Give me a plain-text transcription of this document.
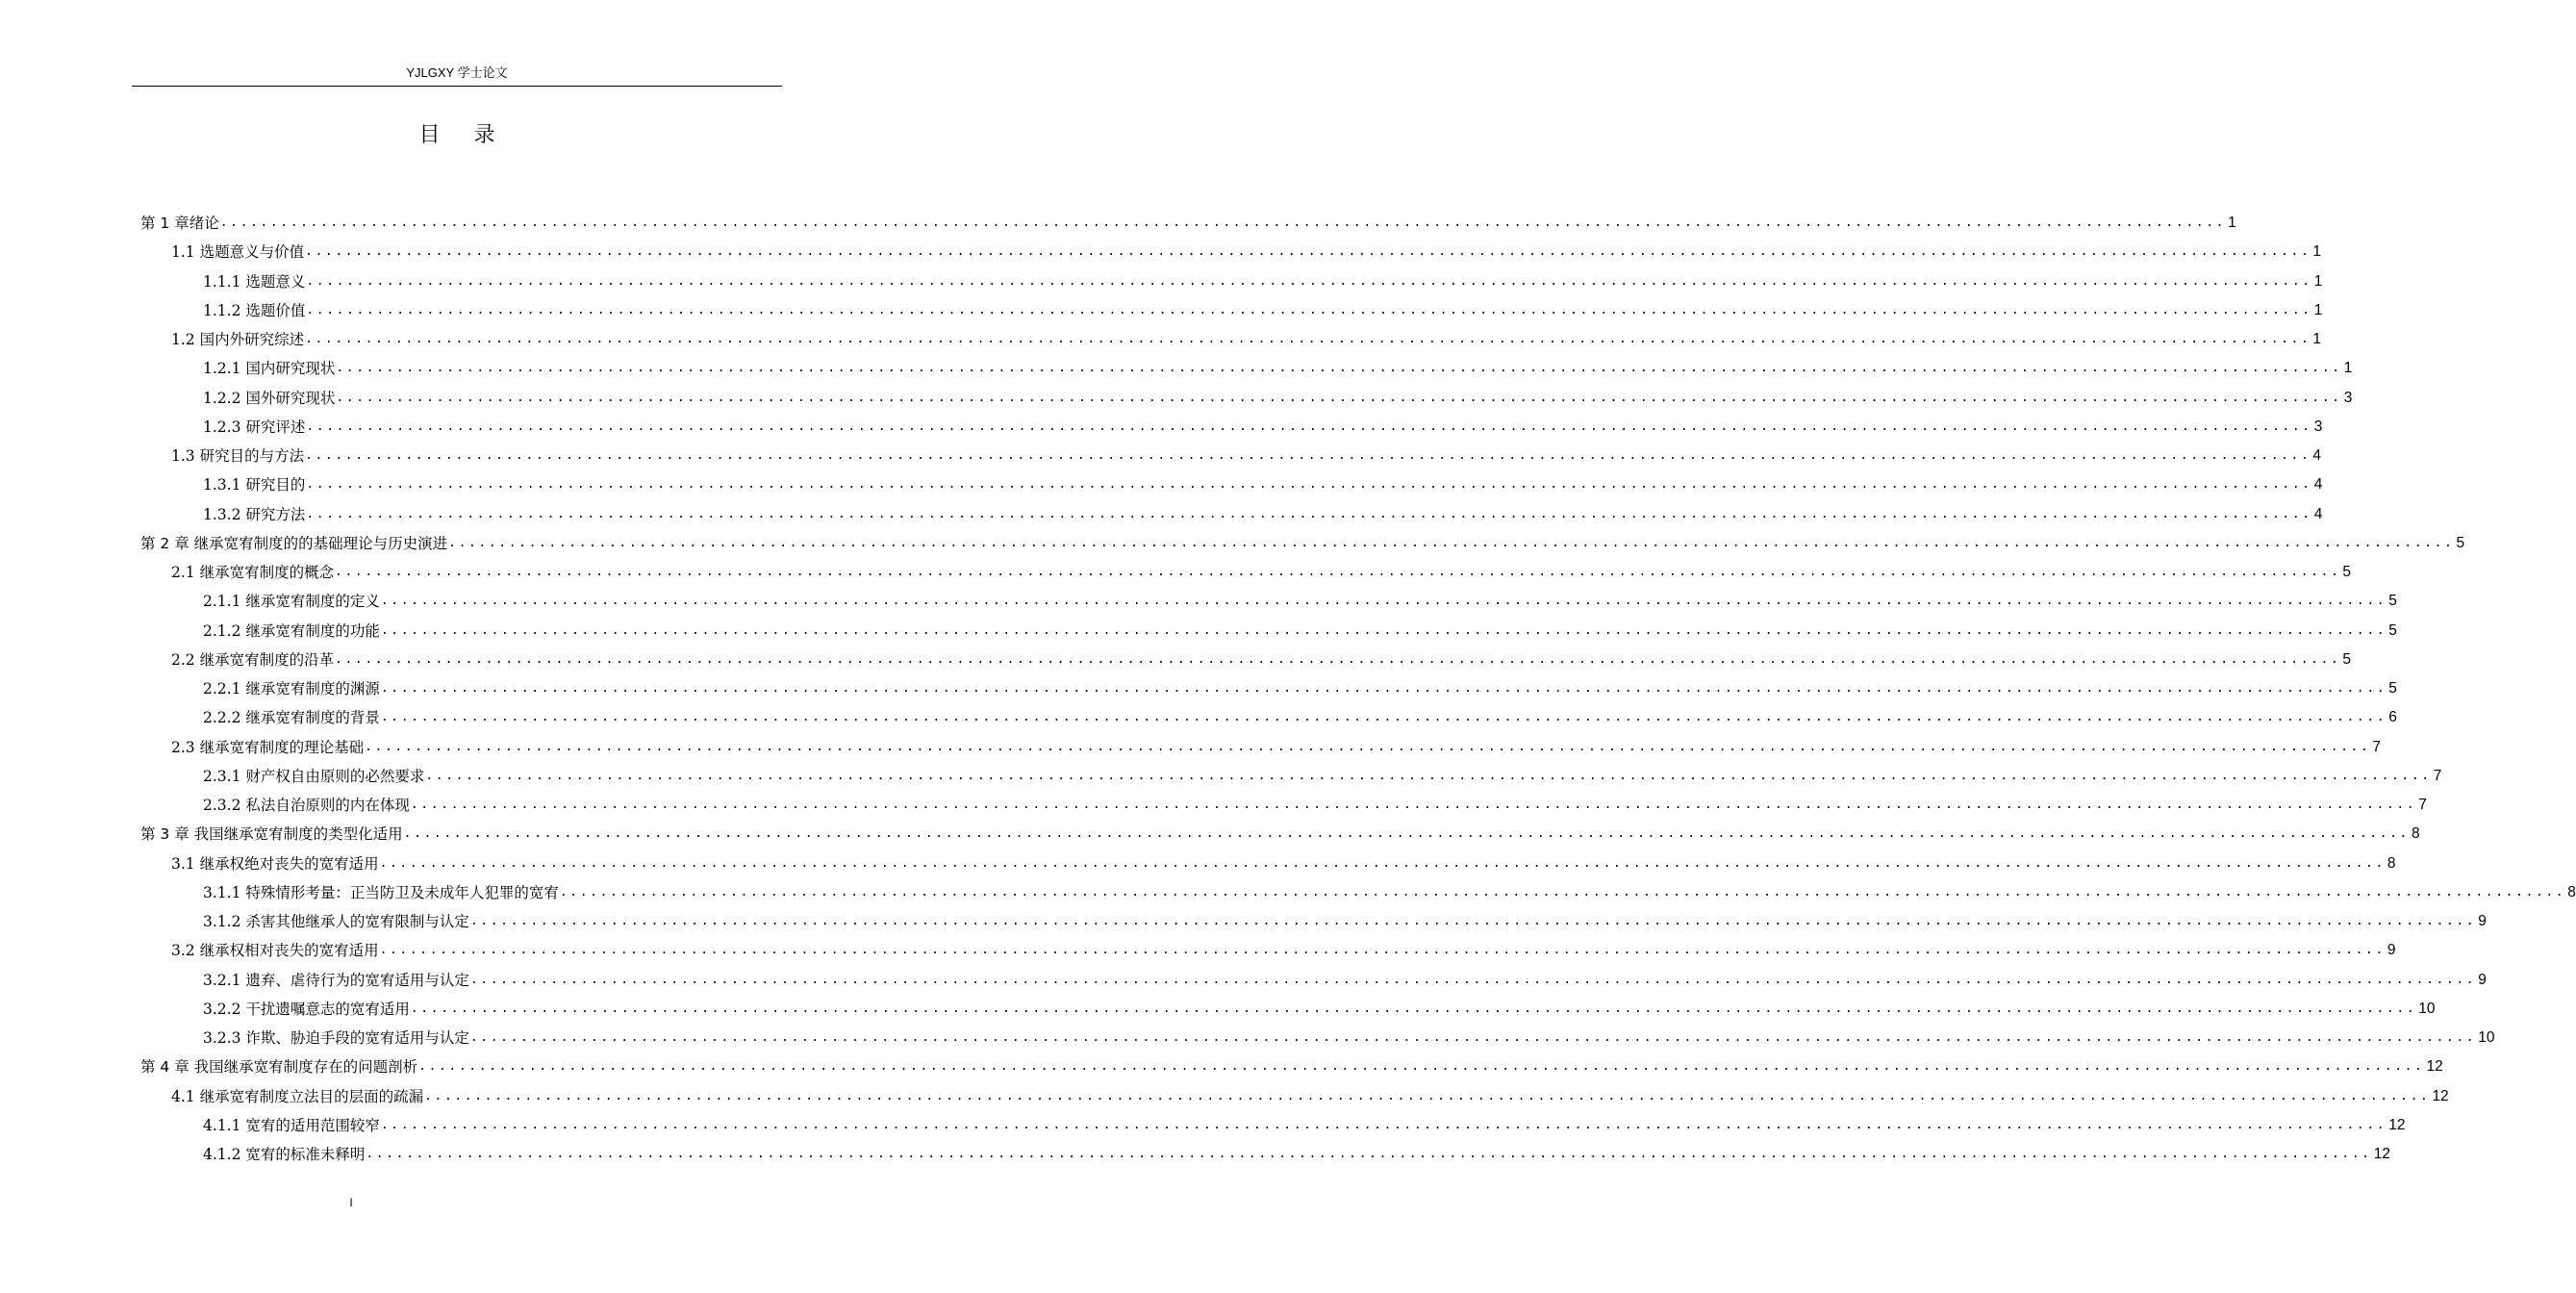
YJLGXY 学士论文
目 录
第 1 章绪论 ........................................................................................................................................................................................................ 1
1.1 选题意义与价值 ........................................................................................................................................................................................................ 1
1.1.1 选题意义 ........................................................................................................................................................................................................ 1
1.1.2 选题价值 ........................................................................................................................................................................................................ 1
1.2 国内外研究综述 ........................................................................................................................................................................................................ 1
1.2.1 国内研究现状 ........................................................................................................................................................................................................ 1
1.2.2 国外研究现状 ........................................................................................................................................................................................................ 3
1.2.3 研究评述 ........................................................................................................................................................................................................ 3
1.3 研究目的与方法 ........................................................................................................................................................................................................ 4
1.3.1 研究目的 ........................................................................................................................................................................................................ 4
1.3.2 研究方法 ........................................................................................................................................................................................................ 4
第 2 章 继承宽宥制度的的基础理论与历史演进 ........................................................................................................................................................................................................ 5
2.1 继承宽宥制度的概念 ........................................................................................................................................................................................................ 5
2.1.1 继承宽宥制度的定义 ........................................................................................................................................................................................................ 5
2.1.2 继承宽宥制度的功能 ........................................................................................................................................................................................................ 5
2.2 继承宽宥制度的沿革 ........................................................................................................................................................................................................ 5
2.2.1 继承宽宥制度的渊源 ........................................................................................................................................................................................................ 5
2.2.2 继承宽宥制度的背景 ........................................................................................................................................................................................................ 6
2.3 继承宽宥制度的理论基础 ........................................................................................................................................................................................................ 7
2.3.1 财产权自由原则的必然要求 ........................................................................................................................................................................................................ 7
2.3.2 私法自治原则的内在体现 ........................................................................................................................................................................................................ 7
第 3 章 我国继承宽宥制度的类型化适用 ........................................................................................................................................................................................................ 8
3.1 继承权绝对丧失的宽宥适用 ........................................................................................................................................................................................................ 8
3.1.1 特殊情形考量：正当防卫及未成年人犯罪的宽宥 ........................................................................................................................................................................................................ 8
3.1.2 杀害其他继承人的宽宥限制与认定 ........................................................................................................................................................................................................ 9
3.2 继承权相对丧失的宽宥适用 ........................................................................................................................................................................................................ 9
3.2.1 遗弃、虐待行为的宽宥适用与认定 ........................................................................................................................................................................................................ 9
3.2.2 干扰遗嘱意志的宽宥适用 ........................................................................................................................................................................................................ 10
3.2.3 诈欺、胁迫手段的宽宥适用与认定 ........................................................................................................................................................................................................ 10
第 4 章 我国继承宽宥制度存在的问题剖析 ........................................................................................................................................................................................................ 12
4.1 继承宽宥制度立法目的层面的疏漏 ........................................................................................................................................................................................................ 12
4.1.1 宽宥的适用范围较窄 ........................................................................................................................................................................................................ 12
4.1.2 宽宥的标准未释明 ........................................................................................................................................................................................................ 12
I
